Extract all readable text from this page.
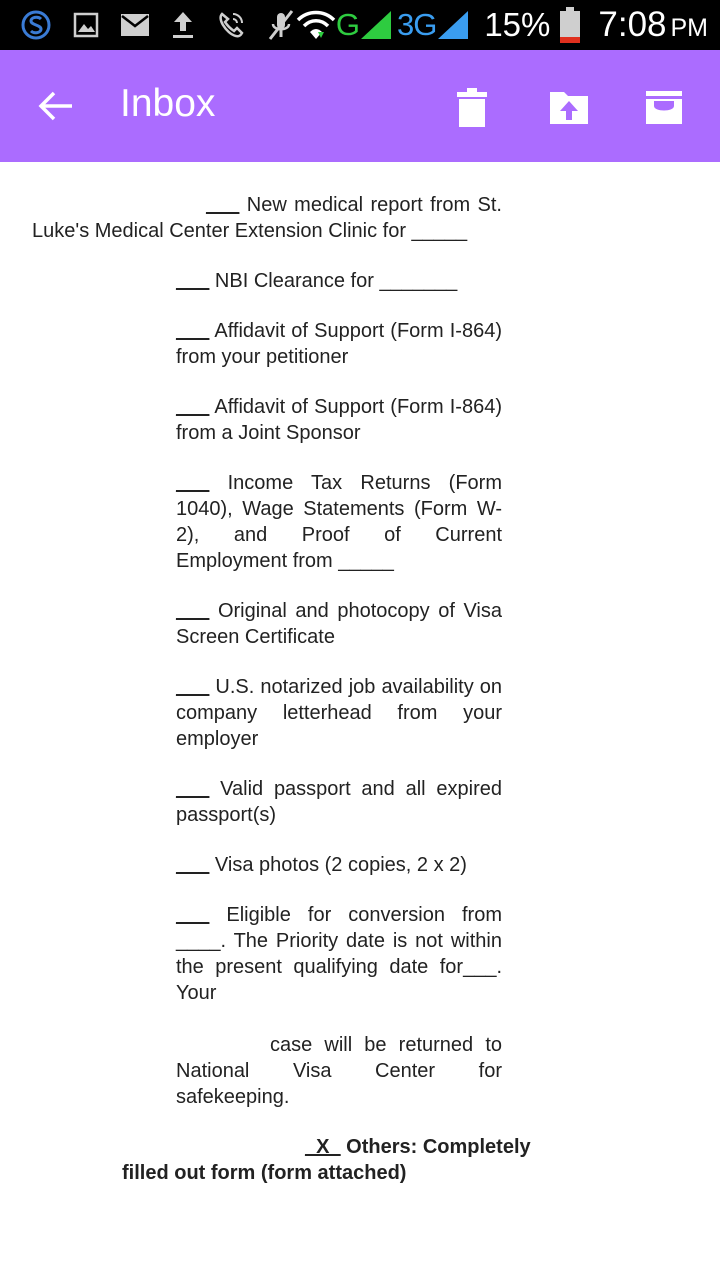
G 3G 15% 7:08 PM
Inbox
___ New medical report from St. Luke's Medical Center Extension Clinic for _____
___ NBI Clearance for _______
___ Affidavit of Support (Form I-864) from your petitioner
___ Affidavit of Support (Form I-864) from a Joint Sponsor
___ Income Tax Returns (Form 1040), Wage Statements (Form W-2), and Proof of Current Employment from _____
___ Original and photocopy of Visa Screen Certificate
___ U.S. notarized job availability on company letterhead from your employer
___ Valid passport and all expired passport(s)
___ Visa photos (2 copies, 2 x 2)
___ Eligible for conversion from ____. The Priority date is not within the present qualifying date for___. Your
case will be returned to National Visa Center for safekeeping.
_X_ Others: Completely filled out form (form attached)
